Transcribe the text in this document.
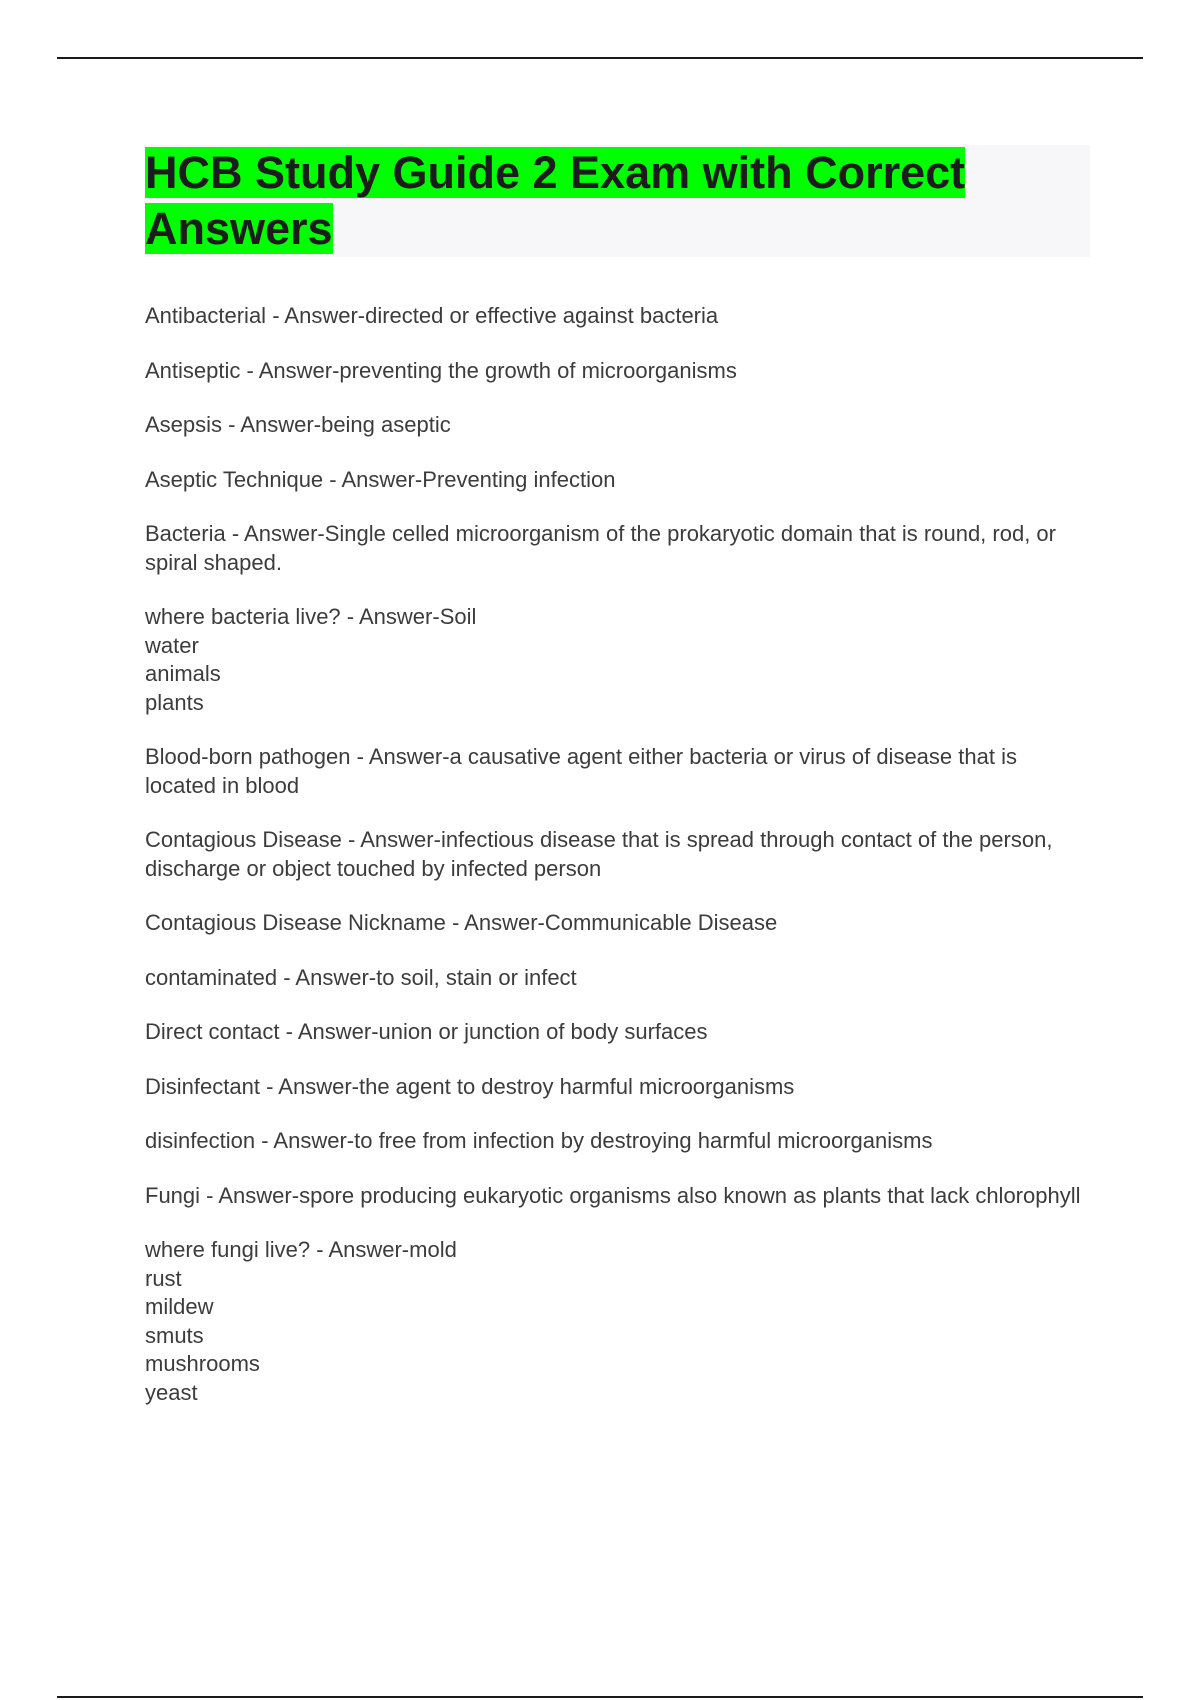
HCB Study Guide 2 Exam with Correct Answers

Antibacterial - Answer-directed or effective against bacteria

Antiseptic - Answer-preventing the growth of microorganisms

Asepsis - Answer-being aseptic

Aseptic Technique - Answer-Preventing infection

Bacteria - Answer-Single celled microorganism of the prokaryotic domain that is round, rod, or spiral shaped.

where bacteria live? - Answer-Soil
water
animals
plants

Blood-born pathogen - Answer-a causative agent either bacteria or virus of disease that is located in blood

Contagious Disease - Answer-infectious disease that is spread through contact of the person, discharge or object touched by infected person

Contagious Disease Nickname - Answer-Communicable Disease

contaminated - Answer-to soil, stain or infect

Direct contact - Answer-union or junction of body surfaces

Disinfectant - Answer-the agent to destroy harmful microorganisms

disinfection - Answer-to free from infection by destroying harmful microorganisms

Fungi - Answer-spore producing eukaryotic organisms also known as plants that lack chlorophyll

where fungi live? - Answer-mold
rust
mildew
smuts
mushrooms
yeast
